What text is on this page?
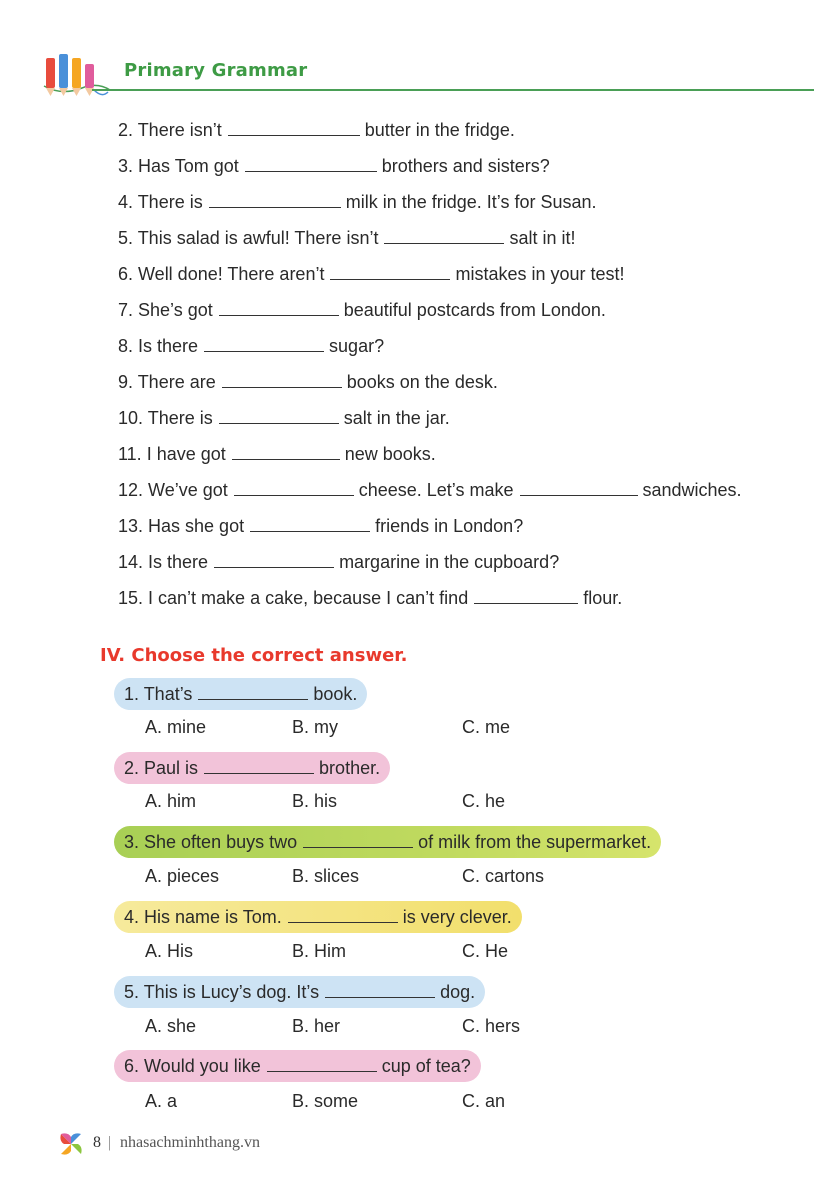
Primary Grammar
2. There isn’t	butter in the fridge.
3. Has Tom got	brothers and sisters?
4. There is	milk in the fridge. It’s for Susan.
5. This salad is awful! There isn’t	salt in it!
6. Well done! There aren’t	mistakes in your test!
7. She’s got	beautiful postcards from London.
8. Is there	sugar?
9. There are	books on the desk.
10. There is	salt in the jar.
11. I have got	new books.
12. We’ve got	cheese. Let’s make	sandwiches.
13. Has she got	friends in London?
14. Is there	margarine in the cupboard?
15. I can’t make a cake, because I can’t find	flour.
IV. Choose the correct answer.
1. That’s	book.
A. mine	B. my	C. me
2. Paul is	brother.
A. him	B. his	C. he
3. She often buys two	of milk from the supermarket.
A. pieces	B. slices	C. cartons
4. His name is Tom.	is very clever.
A. His	B. Him	C. He
5. This is Lucy’s dog. It’s	dog.
A. she	B. her	C. hers
6. Would you like	cup of tea?
A. a	B. some	C. an
8 | nhasachminhthang.vn
